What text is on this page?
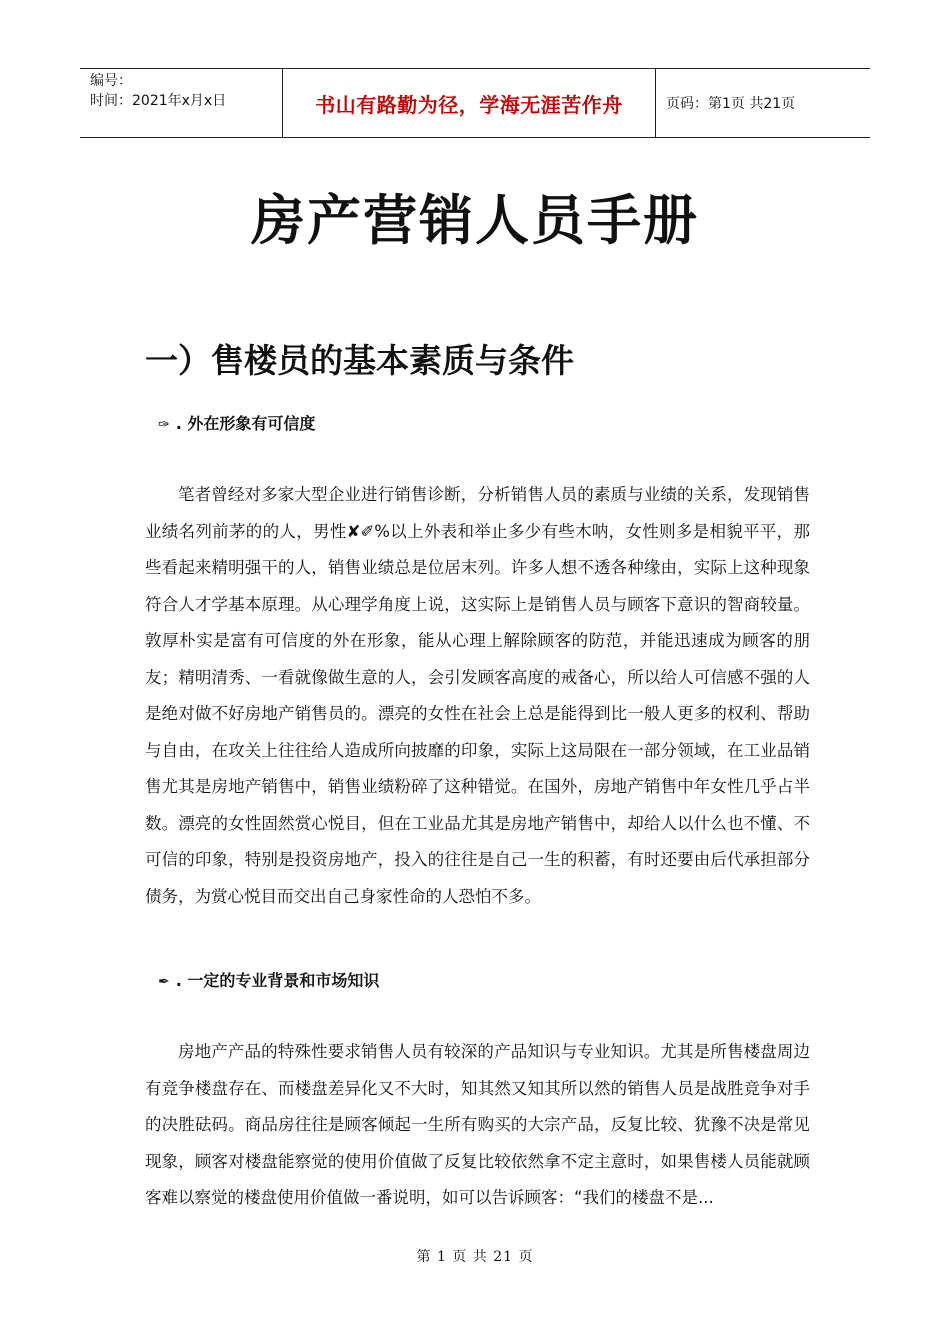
编号：
时间：2021年x月x日	书山有路勤为径，学海无涯苦作舟	页码：第1页 共21页
房产营销人员手册
一）售楼员的基本素质与条件
✑ . 外在形象有可信度
笔者曾经对多家大型企业进行销售诊断，分析销售人员的素质与业绩的关系，发现销售业绩名列前茅的的人，男性✘✐%以上外表和举止多少有些木呐，女性则多是相貌平平，那些看起来精明强干的人，销售业绩总是位居末列。许多人想不透各种缘由，实际上这种现象符合人才学基本原理。从心理学角度上说，这实际上是销售人员与顾客下意识的智商较量。敦厚朴实是富有可信度的外在形象，能从心理上解除顾客的防范，并能迅速成为顾客的朋友；精明清秀、一看就像做生意的人，会引发顾客高度的戒备心，所以给人可信感不强的人是绝对做不好房地产销售员的。漂亮的女性在社会上总是能得到比一般人更多的权利、帮助与自由，在攻关上往往给人造成所向披靡的印象，实际上这局限在一部分领域，在工业品销售尤其是房地产销售中，销售业绩粉碎了这种错觉。在国外，房地产销售中年女性几乎占半数。漂亮的女性固然赏心悦目，但在工业品尤其是房地产销售中，却给人以什么也不懂、不可信的印象，特别是投资房地产，投入的往往是自己一生的积蓄，有时还要由后代承担部分债务，为赏心悦目而交出自己身家性命的人恐怕不多。
✒ . 一定的专业背景和市场知识
房地产产品的特殊性要求销售人员有较深的产品知识与专业知识。尤其是所售楼盘周边有竞争楼盘存在、而楼盘差异化又不大时，知其然又知其所以然的销售人员是战胜竞争对手的决胜砝码。商品房往往是顾客倾起一生所有购买的大宗产品，反复比较、犹豫不决是常见现象，顾客对楼盘能察觉的使用价值做了反复比较依然拿不定主意时，如果售楼人员能就顾客难以察觉的楼盘使用价值做一番说明，如可以告诉顾客：“我们的楼盘不是...
第 1 页 共 21 页
